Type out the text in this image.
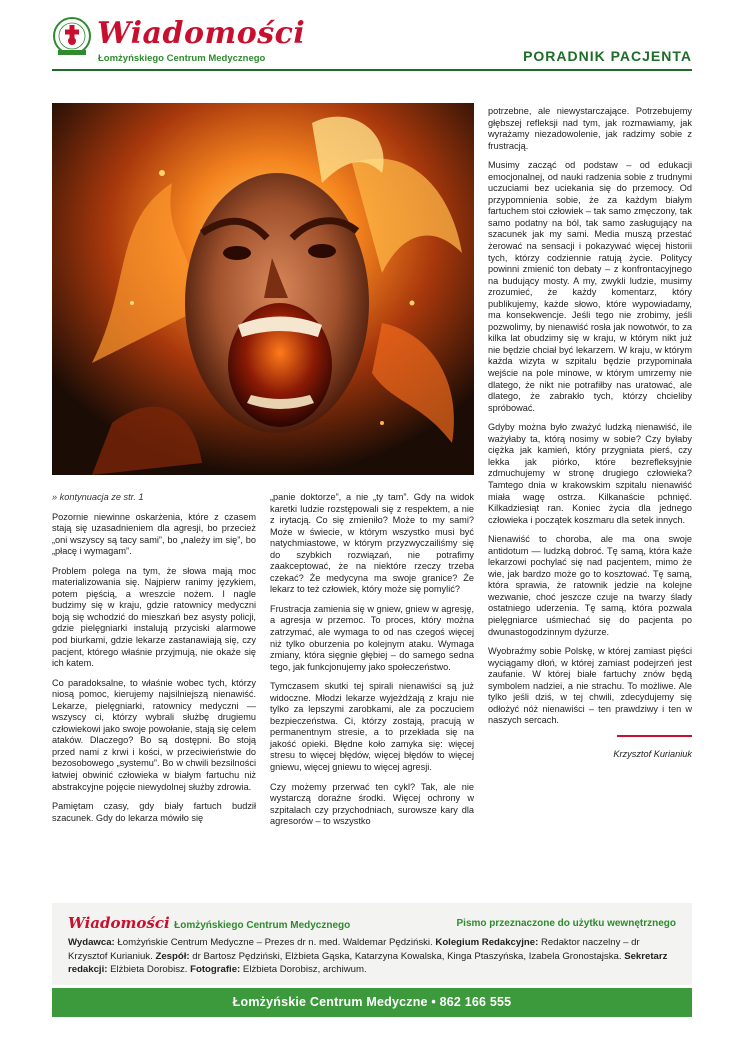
Wiadomości
Łomżyńskiego Centrum Medycznego	PORADNIK PACJENTA

» kontynuacja ze str. 1

Pozornie niewinne oskarżenia, które z czasem stają się uzasadnieniem dla agresji, bo przecież „oni wszyscy są tacy sami”, bo „należy im się”, bo „płacę i wymagam”.

Problem polega na tym, że słowa mają moc materializowania się. Najpierw ranimy językiem, potem pięścią, a wreszcie nożem. I nagle budzimy się w kraju, gdzie ratownicy medyczni boją się wchodzić do mieszkań bez asysty policji, gdzie pielęgniarki instalują przyciski alarmowe pod biurkami, gdzie lekarze zastanawiają się, czy pacjent, którego właśnie przyjmują, nie okaże się ich katem.

Co paradoksalne, to właśnie wobec tych, którzy niosą pomoc, kierujemy najsilniejszą nienawiść. Lekarze, pielęgniarki, ratownicy medyczni — wszyscy ci, którzy wybrali służbę drugiemu człowiekowi jako swoje powołanie, stają się celem ataków. Dlaczego? Bo są dostępni. Bo stoją przed nami z krwi i kości, w przeciwieństwie do bezosobowego „systemu”. Bo w chwili bezsilności łatwiej obwinić człowieka w białym fartuchu niż abstrakcyjne pojęcie niewydolnej służby zdrowia.

Pamiętam czasy, gdy biały fartuch budził szacunek. Gdy do lekarza mówiło się

„panie doktorze”, a nie „ty tam”. Gdy na widok karetki ludzie rozstępowali się z respektem, a nie z irytacją. Co się zmieniło? Może to my sami? Może w świecie, w którym wszystko musi być natychmiastowe, w którym przyzwyczailiśmy się do szybkich rozwiązań, nie potrafimy zaakceptować, że na niektóre rzeczy trzeba czekać? Że medycyna ma swoje granice? Że lekarz to też człowiek, który może się pomylić?

Frustracja zamienia się w gniew, gniew w agresję, a agresja w przemoc. To proces, który można zatrzymać, ale wymaga to od nas czegoś więcej niż tylko oburzenia po kolejnym ataku. Wymaga zmiany, która sięgnie głębiej – do samego sedna tego, jak funkcjonujemy jako społeczeństwo.

Tymczasem skutki tej spirali nienawiści są już widoczne. Młodzi lekarze wyjeżdżają z kraju nie tylko za lepszymi zarobkami, ale za poczuciem bezpieczeństwa. Ci, którzy zostają, pracują w permanentnym stresie, a to przekłada się na jakość opieki. Błędne koło zamyka się: więcej stresu to więcej błędów, więcej błędów to więcej gniewu, więcej gniewu to więcej agresji.

Czy możemy przerwać ten cykl? Tak, ale nie wystarczą doraźne środki. Więcej ochrony w szpitalach czy przychodniach, surowsze kary dla agresorów – to wszystko

potrzebne, ale niewystarczające. Potrzebujemy głębszej refleksji nad tym, jak rozmawiamy, jak wyrażamy niezadowolenie, jak radzimy sobie z frustracją.

Musimy zacząć od podstaw – od edukacji emocjonalnej, od nauki radzenia sobie z trudnymi uczuciami bez uciekania się do przemocy. Od przypomnienia sobie, że za każdym białym fartuchem stoi człowiek – tak samo zmęczony, tak samo podatny na ból, tak samo zasługujący na szacunek jak my sami. Media muszą przestać żerować na sensacji i pokazywać więcej historii tych, którzy codziennie ratują życie. Politycy powinni zmienić ton debaty – z konfrontacyjnego na budujący mosty. A my, zwykli ludzie, musimy zrozumieć, że każdy komentarz, który publikujemy, każde słowo, które wypowiadamy, ma konsekwencje. Jeśli tego nie zrobimy, jeśli pozwolimy, by nienawiść rosła jak nowotwór, to za kilka lat obudzimy się w kraju, w którym nikt już nie będzie chciał być lekarzem. W kraju, w którym każda wizyta w szpitalu będzie przypominała wejście na pole minowe, w którym umrzemy nie dlatego, że nikt nie potrafiłby nas uratować, ale dlatego, że zabrakło tych, którzy chcieliby spróbować.

Gdyby można było zważyć ludzką nienawiść, ile ważyłaby ta, którą nosimy w sobie? Czy byłaby ciężka jak kamień, który przygniata pierś, czy lekka jak piórko, które bezrefleksyjnie zdmuchujemy w stronę drugiego człowieka? Tamtego dnia w krakowskim szpitalu nienawiść miała wagę ostrza. Kilkanaście pchnięć. Kilkadziesiąt ran. Koniec życia dla jednego człowieka i początek koszmaru dla setek innych.

Nienawiść to choroba, ale ma ona swoje antidotum — ludzką dobroć. Tę samą, która każe lekarzowi pochylać się nad pacjentem, mimo że wie, jak bardzo może go to kosztować. Tę samą, która sprawia, że ratownik jedzie na kolejne wezwanie, choć jeszcze czuje na twarzy ślady ostatniego uderzenia. Tę samą, która pozwala pielęgniarce uśmiechać się do pacjenta po dwunastogodzinnym dyżurze.

Wyobraźmy sobie Polskę, w której zamiast pięści wyciągamy dłoń, w której zamiast podejrzeń jest zaufanie. W której białe fartuchy znów będą symbolem nadziei, a nie strachu. To możliwe. Ale tylko jeśli dziś, w tej chwili, zdecydujemy się odłożyć nóż nienawiści – ten prawdziwy i ten w naszych sercach.

Krzysztof Kurianiuk

Wiadomości Łomżyńskiego Centrum Medycznego	Pismo przeznaczone do użytku wewnętrznego
Wydawca: Łomżyńskie Centrum Medyczne – Prezes dr n. med. Waldemar Pędziński. Kolegium Redakcyjne: Redaktor naczelny – dr Krzysztof Kurianiuk. Zespół: dr Bartosz Pędziński, Elżbieta Gąska, Katarzyna Kowalska, Kinga Ptaszyńska, Izabela Gronostajska. Sekretarz redakcji: Elżbieta Dorobisz. Fotografie: Elżbieta Dorobisz, archiwum.
Łomżyńskie Centrum Medyczne • 862 166 555
